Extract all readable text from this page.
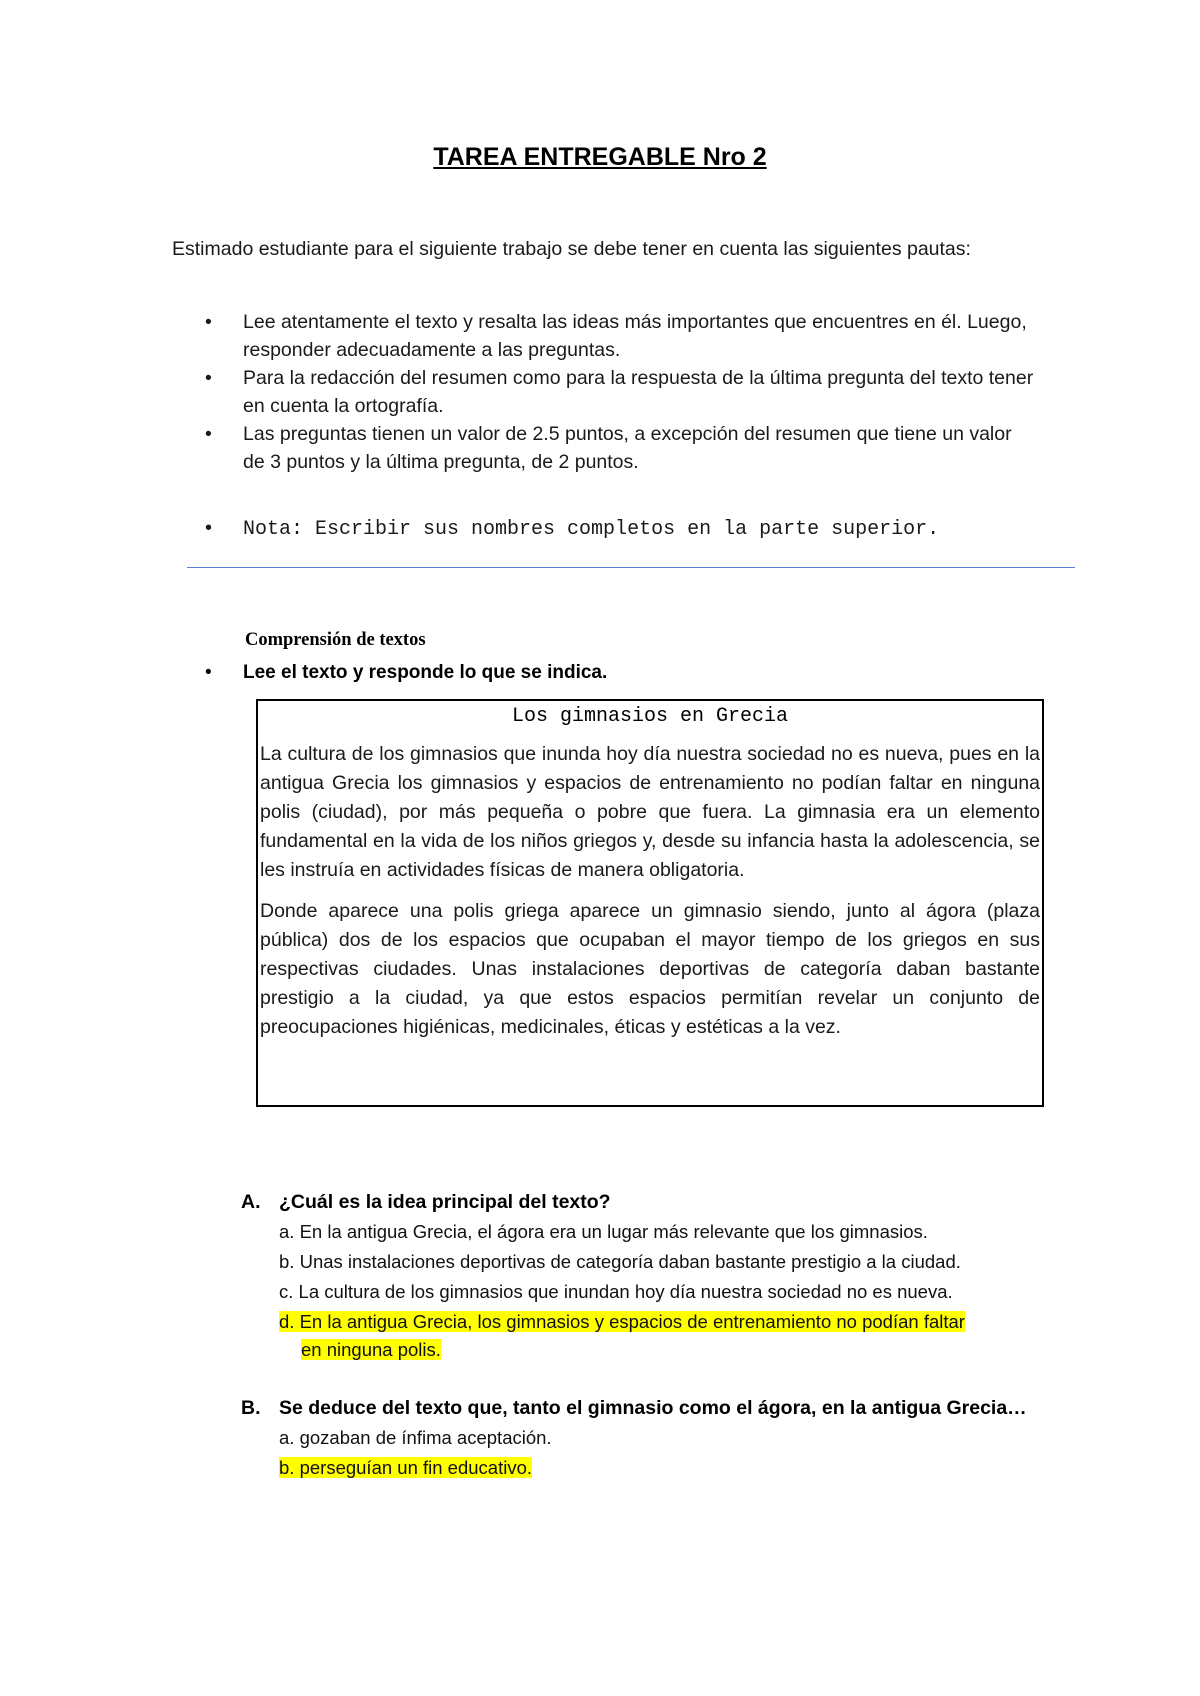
TAREA ENTREGABLE Nro 2
Estimado estudiante para el siguiente trabajo se debe tener en cuenta las siguientes pautas:
• Lee atentamente el texto y resalta las ideas más importantes que encuentres en él. Luego, responder adecuadamente a las preguntas.
• Para la redacción del resumen como para la respuesta de la última pregunta del texto tener en cuenta la ortografía.
• Las preguntas tienen un valor de 2.5 puntos, a excepción del resumen que tiene un valor de 3 puntos y la última pregunta, de 2 puntos.
• Nota: Escribir sus nombres completos en la parte superior.
Comprensión de textos
• Lee el texto y responde lo que se indica.
Los gimnasios en Grecia

La cultura de los gimnasios que inunda hoy día nuestra sociedad no es nueva, pues en la antigua Grecia los gimnasios y espacios de entrenamiento no podían faltar en ninguna polis (ciudad), por más pequeña o pobre que fuera. La gimnasia era un elemento fundamental en la vida de los niños griegos y, desde su infancia hasta la adolescencia, se les instruía en actividades físicas de manera obligatoria.

Donde aparece una polis griega aparece un gimnasio siendo, junto al ágora (plaza pública) dos de los espacios que ocupaban el mayor tiempo de los griegos en sus respectivas ciudades. Unas instalaciones deportivas de categoría daban bastante prestigio a la ciudad, ya que estos espacios permitían revelar un conjunto de preocupaciones higiénicas, medicinales, éticas y estéticas a la vez.

A. ¿Cuál es la idea principal del texto?
a. En la antigua Grecia, el ágora era un lugar más relevante que los gimnasios.
b. Unas instalaciones deportivas de categoría daban bastante prestigio a la ciudad.
c. La cultura de los gimnasios que inundan hoy día nuestra sociedad no es nueva.
d. En la antigua Grecia, los gimnasios y espacios de entrenamiento no podían faltar
en ninguna polis.
B. Se deduce del texto que, tanto el gimnasio como el ágora, en la antigua Grecia…
a. gozaban de ínfima aceptación.
b. perseguían un fin educativo.
